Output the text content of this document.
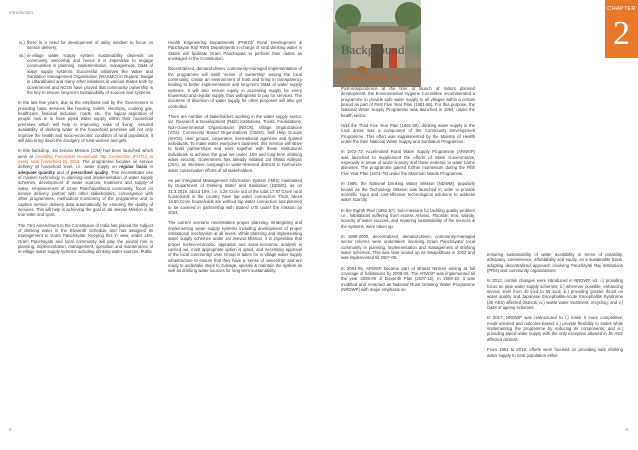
Introduction
vi.) there is a need for development of utility mindset to focus on service delivery;
vii.)in-village water supply system sustainability depends on community ownership and hence it is imperative to engage communities in planning, implementation, management, O&M of water supply systems. Successful initiatives like Water and Sanitation Management Organisation (WASMO) in Gujarat, Swajal in Uttarakhand and many other initiatives in various States both by Government and NGOs have proved that community ownership is the key to ensure long-term sustainability of sources and systems.

In the last few years, due to the emphasis laid by the Government in providing basic services like housing, toilets, electricity, cooking gas, healthcare, financial inclusion, roads, etc., the logical aspiration of people now is to have piped water supply within their household premises which will help in improving ‘ease of living’. Assured availability of drinking water in the household premises will not only improve the health and socio-economic condition of rural population, it will also bring down the drudgery of rural women and girls.

In this backdrop, Jal Jeevan Mission (JJM) has been launched which aims at providing Functional Household Tap Connection (FHTC) to every rural household by 2024. The programme focuses on service delivery at household level, i.e. water supply on regular basis in adequate quantity and of prescribed quality. This necessitates use of modern technology in planning and implementation of water supply schemes, development of water sources, treatment and supply of water, empowerment of Gram Panchayat/local community, focus on service delivery, partner with other stakeholders, convergence with other programmes, methodical monitoring of the programme and to capture service delivery data automatically for ensuring the quality of services. This will help in achieving the goal of Jal Jeevan Mission in its true letter and spirit.

The 73rd Amendment to the Constitution of India has placed the subject of drinking water in the Eleventh Schedule and has assigned its management to Gram Panchayats. Keeping this in view, under JJM, Gram Panchayats and local community will play the pivotal role in planning, implementation, management, operation and maintenance of in-village water supply systems including drinking water sources. Public

Health Engineering Departments (PHED)/ Rural Development & Panchayati Raj/ RWS Departments in-charge of rural drinking water in States will facilitate Gram Panchayats to perform their duties as envisaged in the Constitution.

Decentralized, demand-driven, community-managed implementation of the programme will instill ‘sense of ownership’ among the local community, create an environment of trust and bring in transparency leading to better implementation and long-term O&M of water supply systems. It will also ensure equity in accessing supply for every household and regular supply, thus willingness to pay for services. The incidents of diversion of water supply for other purposes will also get controlled.

There are number of stakeholders working in the water supply sector, viz. Research & Development (R&D) institutions, Trusts, Foundations, Non-Governmental Organizations (NGOs), Village Organizations (VOs), Community Based Organizations (CBOs), Self Help Groups (SHGs), user groups, corporates, international agencies and spirited individuals. To make water everyone’s business, this mission will strive to build partnerships and work together with these institutions/ individuals to achieve the goal set under JJM and long-term drinking water security. Government has already initiated Jal Shakti Abhiyan (JSA), an intensive campaign in water-stressed districts to harmonize water conservation efforts of all stakeholders.

As per integrated Management Information System (IMIS) maintained by Department of Drinking Water and Sanitation (DDWS), as on 31.3.2019, about 18%, i.e. 3.28 Crore out of the total 17.87 Crore rural households in the country have tap water connection. Thus, about 14.60 Crore households are without tap water connection and planned to be covered in partnership with States/ UTs under the mission by 2024.

The current scenario necessitates proper planning, strategizing and implementing water supply systems including development of proper institutional mechanism at all levels. While planning and implementing water supply schemes under Jal Jeevan Mission, it is imperative that proper techno-economic appraisal and socio-economic analysis is carried out, most appropriate option is opted, and necessary approval of the local community/ User Group is taken for in-village water supply infrastructure to ensure that they have a ‘sense of ownership’ and are ready to undertake steps to manage, operate & maintain the system as well as drinking water sources for long-term sustainability.

8
Background
2.1 Historical perspective
CHAPTER
2

Post-independence at the time of launch of India’s planned development, the Environmental Hygiene Committee recommended a programme to provide safe water supply to all villages within a certain period as part of First Five Year Plan (1951-56). For this purpose, the National Water Supply Programme was launched in 1954, under the health sector.

Until the Third Five Year Plan (1961-66), drinking water supply in the rural areas was a component of the Community Development Programme. This effort was supplemented by the Ministry of Health under the then National Water Supply and Sanitation Programme.

In 1972-73, Accelerated Rural Water Supply Programme (ARWSP) was launched to supplement the efforts of State Governments, especially in areas of acute scarcity and those endemic to water borne diseases. The programme gained further momentum during the Fifth Five Year Plan (1974-79) under the Minimum Needs Programme.

In 1986, the National Drinking Water Mission (NDWM), popularly known as the Technology Mission was launched in order to provide scientific input and cost-effective technological solutions to address water scarcity.

In the Eighth Plan (1992-97), Sub-missions for tackling quality problem i.e., habitations suffering from excess Arsenic, Fluoride, Iron, salinity, scarcity of water sources, and repairing sustainability of the sources & the systems, were taken up.

In 1999-2000, decentralized, demand-driven, community-managed sector reforms were undertaken involving Gram Panchayats/ local community in planning, implementation and management of drinking water schemes. This was later scaled up as Swajaldhara in 2002 and was implemented till 2007-08.

In 2004-05, ARWSP became part of Bharat Nirman aiming at full coverage of habitations by 2008-09. The ARWSP was implemented till the year 2008-09 of Eleventh Plan (2007-12). In 2009-10, it was modified and renamed as National Rural Drinking Water Programme (NRDWP) with major emphasis on

ensuring sustainability of water availability in terms of potability, adequacy, convenience, affordability and equity, on a sustainable basis, adopting decentralized approach involving Panchayati Raj Institutions (PRIs) and community organizations.

In 2013, certain changes were introduced in NRDWP, viz. i.) providing focus on pipe water supply schemes; ii.) wherever possible, enhancing service level from 40 lpcd to 55 lpcd; iii.) providing greater thrust on water quality and Japanese Encephalitis-Acute Encephalitis Syndrome (JE-AES) affected districts; iv.) waste water treatment, recycling; and v.) O&M of ageing schemes.

In 2017, NRDWP was restructured to i.) make it more competitive, result-oriented and outcome-based; ii.) provide flexibility to states while implementing the programme by reducing its components; and iii.) providing piped water supply with the only exception allowed in JE-AES affected districts.

From 1951 to 2019, efforts were focused on providing safe drinking water supply to rural population either

9
